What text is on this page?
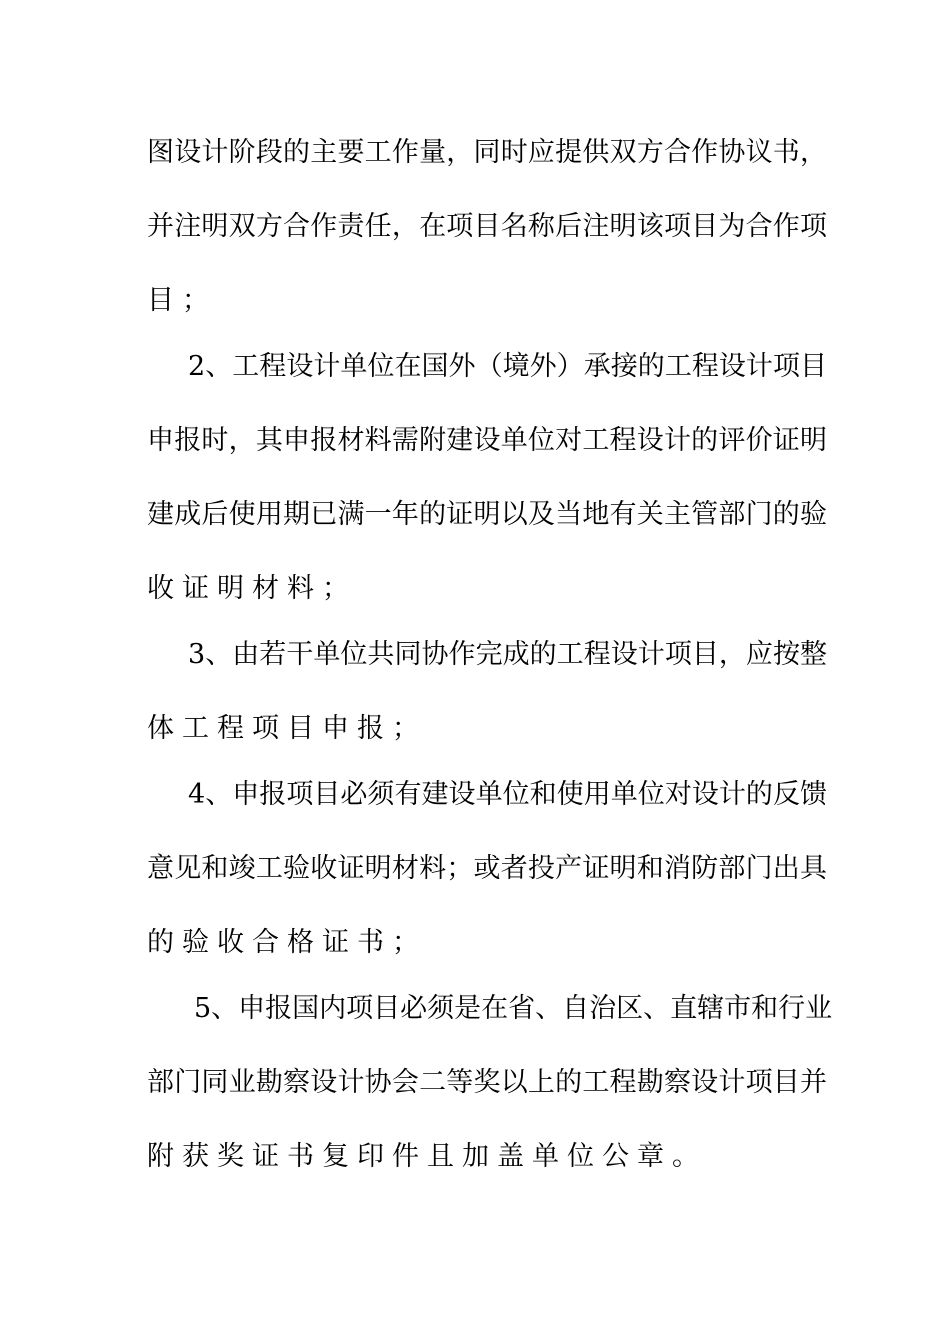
图设计阶段的主要工作量，同时应提供双方合作协议书，
并注明双方合作责任，在项目名称后注明该项目为合作项
目；
2、工程设计单位在国外（境外）承接的工程设计项目
申报时，其申报材料需附建设单位对工程设计的评价证明
建成后使用期已满一年的证明以及当地有关主管部门的验
收证明材料；
3、由若干单位共同协作完成的工程设计项目，应按整
体工程项目申报；
4、申报项目必须有建设单位和使用单位对设计的反馈
意见和竣工验收证明材料；或者投产证明和消防部门出具
的验收合格证书；
5、申报国内项目必须是在省、自治区、直辖市和行业
部门同业勘察设计协会二等奖以上的工程勘察设计项目并
附获奖证书复印件且加盖单位公章。
